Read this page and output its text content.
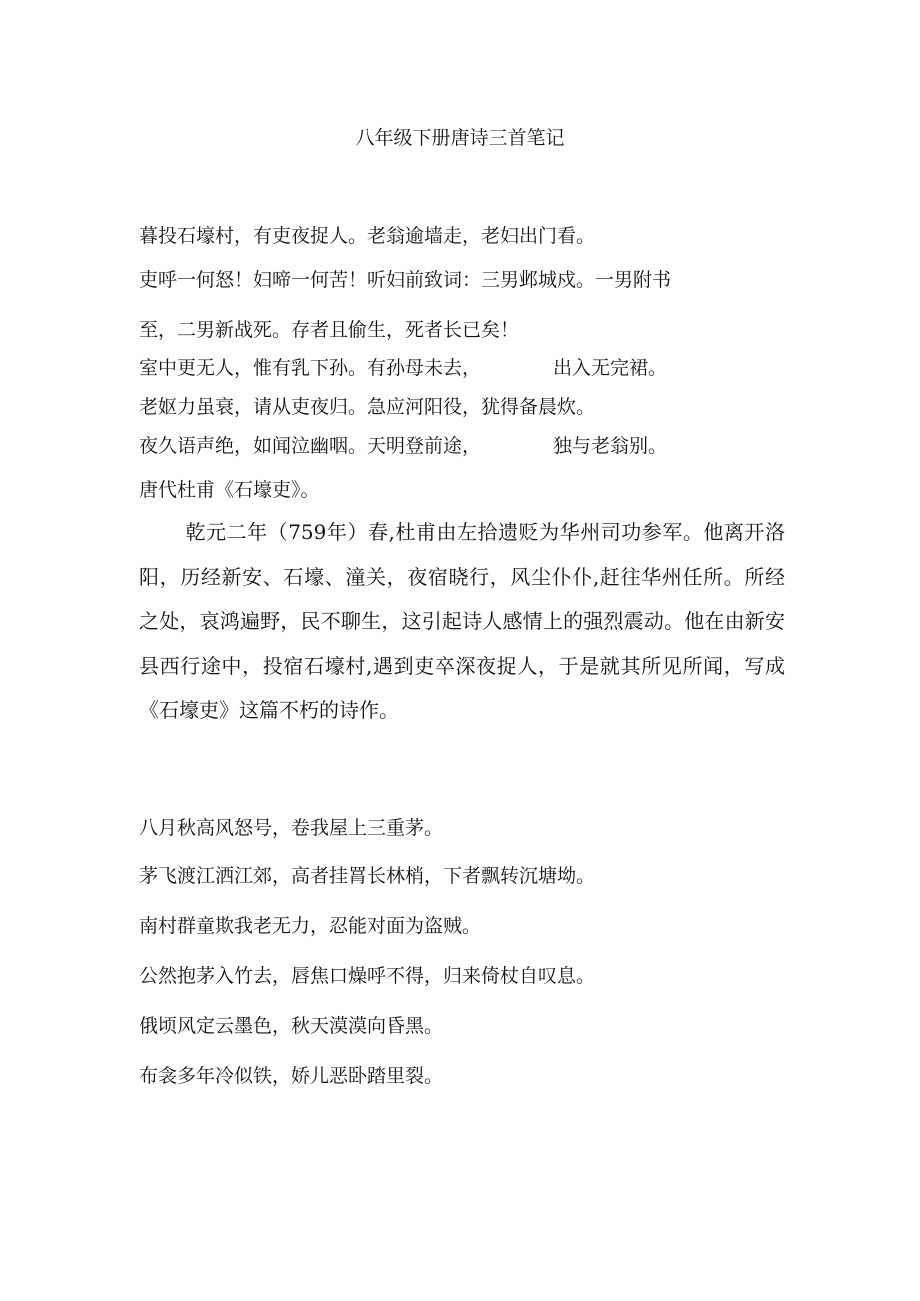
八年级下册唐诗三首笔记
暮投石壕村，有吏夜捉人。老翁逾墙走，老妇出门看。
吏呼一何怒！妇啼一何苦！听妇前致词：三男邺城戍。一男附书
至，二男新战死。存者且偷生，死者长已矣！
室中更无人，惟有乳下孙。有孙母未去，	出入无完裙。
老妪力虽衰，请从吏夜归。急应河阳役，犹得备晨炊。
夜久语声绝，如闻泣幽咽。天明登前途，	独与老翁别。
唐代杜甫《石壕吏》。
乾元二年（759年）春,杜甫由左拾遗贬为华州司功参军。他离开洛阳，历经新安、石壕、潼关，夜宿晓行，风尘仆仆,赶往华州任所。所经之处，哀鸿遍野，民不聊生，这引起诗人感情上的强烈震动。他在由新安县西行途中，投宿石壕村,遇到吏卒深夜捉人，于是就其所见所闻，写成《石壕吏》这篇不朽的诗作。
八月秋高风怒号，卷我屋上三重茅。
茅飞渡江洒江郊，高者挂罥长林梢，下者飘转沉塘坳。
南村群童欺我老无力，忍能对面为盗贼。
公然抱茅入竹去，唇焦口燥呼不得，归来倚杖自叹息。
俄顷风定云墨色，秋天漠漠向昏黑。
布衾多年冷似铁，娇儿恶卧踏里裂。
